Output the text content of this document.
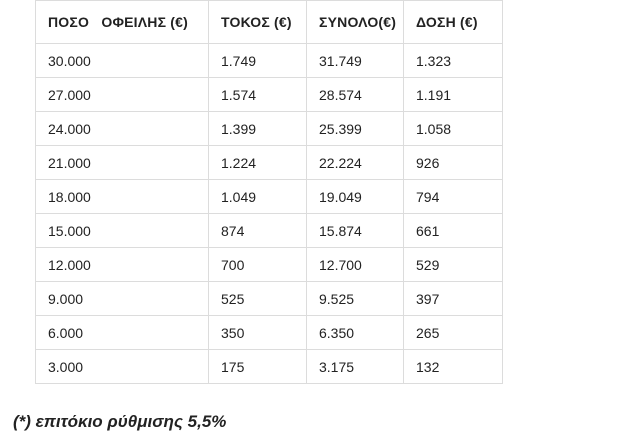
ΠΟΣΟ   ΟΦΕΙΛΗΣ (€)	ΤΟΚΟΣ (€)	ΣΥΝΟΛΟ(€)	ΔΟΣΗ (€)
30.000	1.749	31.749	1.323
27.000	1.574	28.574	1.191
24.000	1.399	25.399	1.058
21.000	1.224	22.224	926
18.000	1.049	19.049	794
15.000	874	15.874	661
12.000	700	12.700	529
9.000	525	9.525	397
6.000	350	6.350	265
3.000	175	3.175	132

(*) επιτόκιο ρύθμισης 5,5%
